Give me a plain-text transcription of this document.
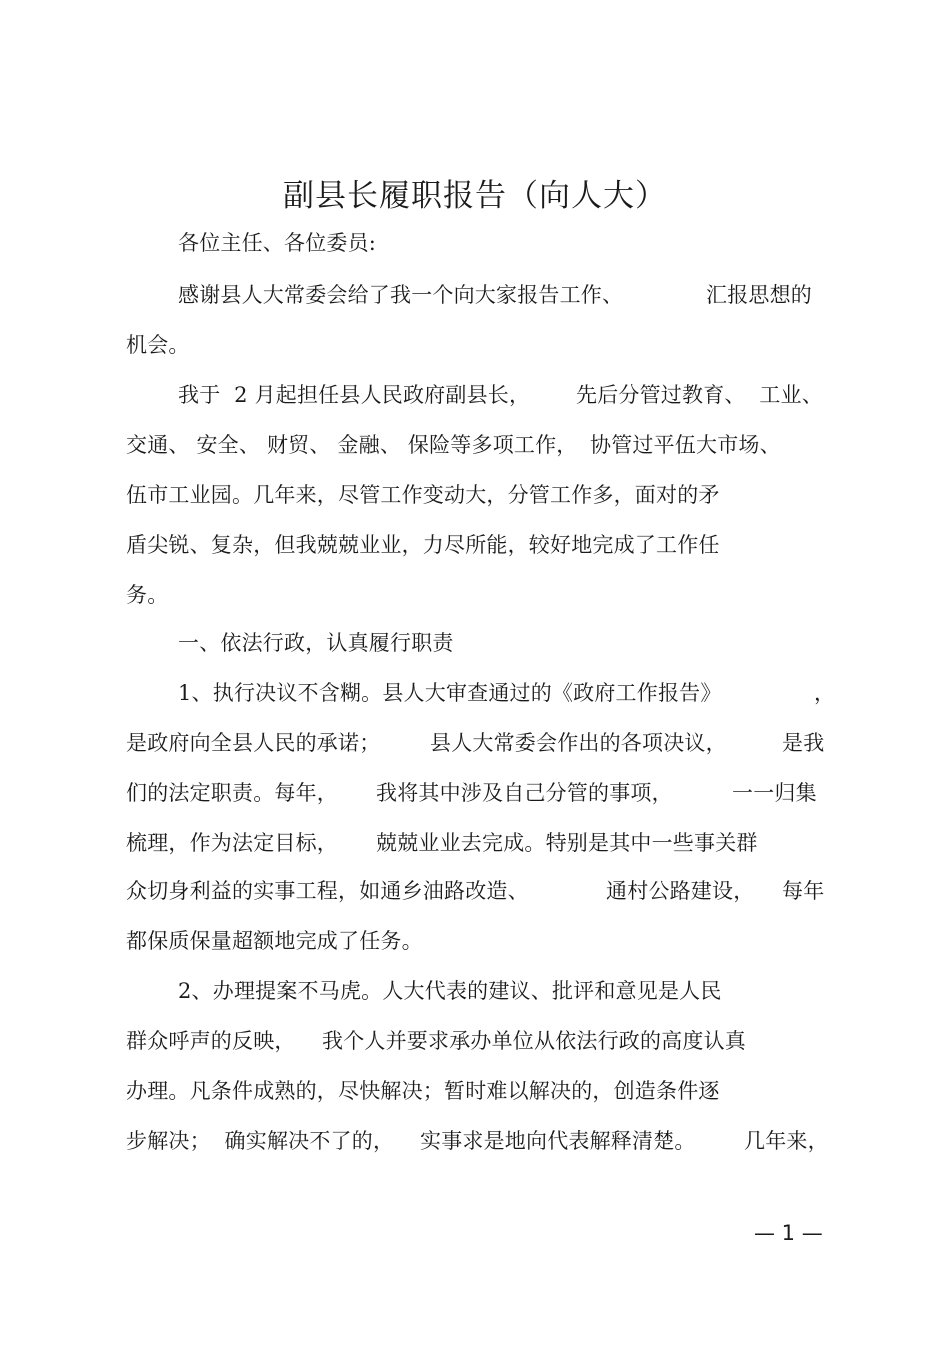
副县长履职报告（向人大）

各位主任、各位委员:

感谢县人大常委会给了我一个向大家报告工作、	汇报思想的

机会。

我于  2 月起担任县人民政府副县长， 先后分管过教育、  工业、

交通、 安全、 财贸、 金融、 保险等多项工作， 协管过平伍大市场、

伍市工业园。几年来，尽管工作变动大，分管工作多，面对的矛

盾尖锐、复杂，但我兢兢业业，力尽所能，较好地完成了工作任

务。

一、依法行政，认真履行职责

1、执行决议不含糊。县人大审查通过的《政府工作报告》	，

是政府向全县人民的承诺； 县人大常委会作出的各项决议，	是我

们的法定职责。每年， 我将其中涉及自己分管的事项，	一一归集

梳理，作为法定目标， 兢兢业业去完成。特别是其中一些事关群

众切身利益的实事工程，如通乡油路改造、	通村公路建设， 每年

都保质保量超额地完成了任务。

2、办理提案不马虎。人大代表的建议、批评和意见是人民

群众呼声的反映， 我个人并要求承办单位从依法行政的高度认真

办理。凡条件成熟的，尽快解决；暂时难以解决的，创造条件逐

步解决；  确实解决不了的， 实事求是地向代表解释清楚。 几年来，

— 1 —
